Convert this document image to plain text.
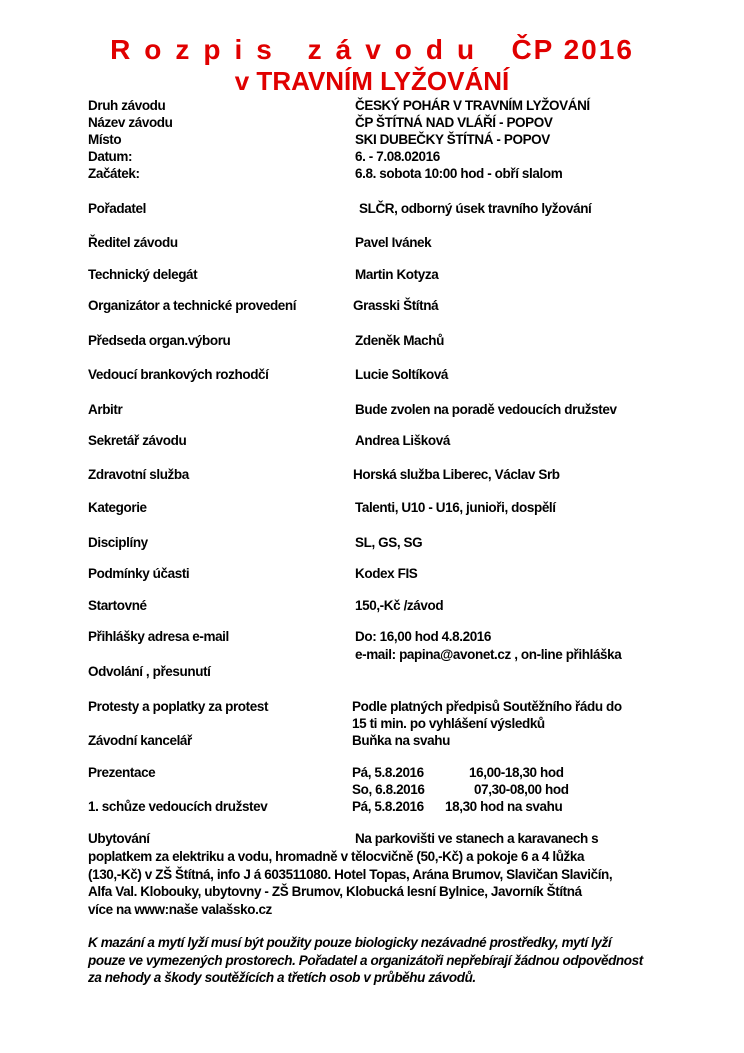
Rozpis závodu ČP 2016
v TRAVNÍM LYŽOVÁNÍ
Druh závodu	ČESKÝ POHÁR V TRAVNÍM LYŽOVÁNÍ
Název závodu	ČP ŠTÍTNÁ NAD VLÁŘÍ - POPOV
Místo	SKI DUBEČKY ŠTÍTNÁ - POPOV
Datum:	6. - 7.08.02016
Začátek:	6.8. sobota 10:00 hod - obří slalom
Pořadatel	SLČR, odborný úsek travního lyžování
Ředitel závodu	Pavel Ivánek
Technický delegát	Martin Kotyza
Organizátor a technické provedení	Grasski Štítná
Předseda organ.výboru	Zdeněk Machů
Vedoucí brankových rozhodčí	Lucie Soltíková
Arbitr	Bude zvolen na poradě vedoucích družstev
Sekretář závodu	Andrea Lišková
Zdravotní služba	Horská služba Liberec, Václav Srb
Kategorie	Talenti, U10 - U16, junioři, dospělí
Disciplíny	SL, GS, SG
Podmínky účasti	Kodex FIS
Startovné	150,-Kč /závod
Přihlášky adresa e-mail	Do: 16,00 hod 4.8.2016
e-mail: papina@avonet.cz , on-line přihláška
Odvolání , přesunutí
Protesty a poplatky za protest	Podle platných předpisů Soutěžního řádu do
15 ti min. po vyhlášení výsledků
Závodní kancelář	Buňka na svahu
Prezentace	Pá, 5.8.2016	16,00-18,30 hod
So, 6.8.2016	07,30-08,00 hod
1. schůze vedoucích družstev	Pá, 5.8.2016 18,30 hod na svahu
Ubytování	Na parkovišti ve stanech a karavanech s
poplatkem za elektriku a vodu, hromadně v tělocvičně (50,-Kč) a pokoje 6 a 4 lůžka
(130,-Kč) v ZŠ Štítná, info J á 603511080. Hotel Topas, Arána Brumov, Slavičan Slavičín,
Alfa Val. Klobouky, ubytovny - ZŠ Brumov, Klobucká lesní Bylnice, Javorník Štítná
více na www:naše valašsko.cz
K mazání a mytí lyží musí být použity pouze biologicky nezávadné prostředky, mytí lyží
pouze ve vymezených prostorech. Pořadatel a organizátoři nepřebírají žádnou odpovědnost
za nehody a škody soutěžících a třetích osob v průběhu závodů.
